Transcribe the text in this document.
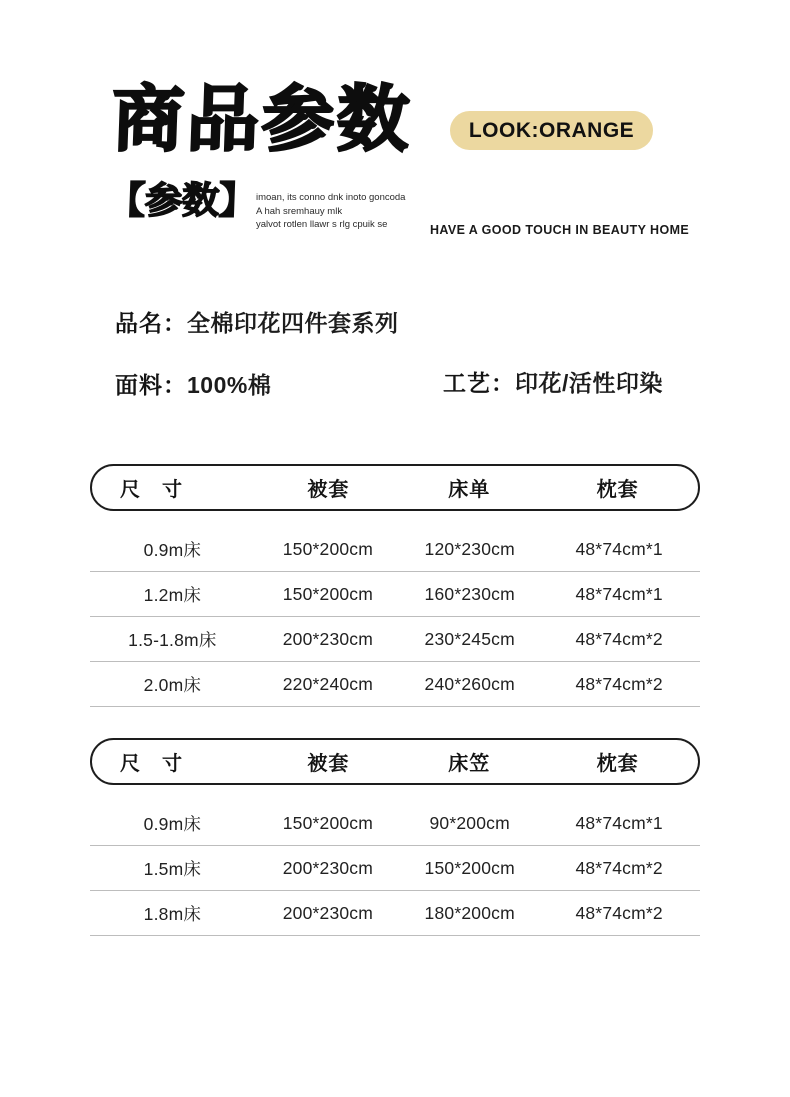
商品参数	LOOK:ORANGE
【参数】 imoan, its conno dnk inoto goncoda
A hah sremhauy mlk
yalvot rotlen llawr s rlg cpuik se	HAVE A GOOD TOUCH IN BEAUTY HOME
品名：全棉印花四件套系列
面料：100%棉	工艺：印花/活性印染
尺　寸	被套	床单	枕套
0.9m床	150*200cm	120*230cm	48*74cm*1
1.2m床	150*200cm	160*230cm	48*74cm*1
1.5-1.8m床	200*230cm	230*245cm	48*74cm*2
2.0m床	220*240cm	240*260cm	48*74cm*2
尺　寸	被套	床笠	枕套
0.9m床	150*200cm	90*200cm	48*74cm*1
1.5m床	200*230cm	150*200cm	48*74cm*2
1.8m床	200*230cm	180*200cm	48*74cm*2
